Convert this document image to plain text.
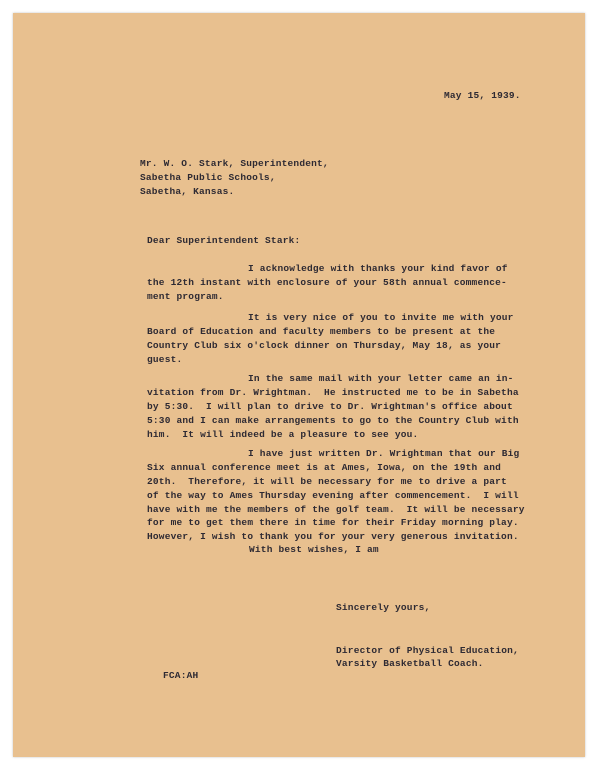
May 15, 1939.
Mr. W. O. Stark, Superintendent,
Sabetha Public Schools,
Sabetha, Kansas.
Dear Superintendent Stark:
I acknowledge with thanks your kind favor of
the 12th instant with enclosure of your 58th annual commence-
ment program.
It is very nice of you to invite me with your
Board of Education and faculty members to be present at the
Country Club six o'clock dinner on Thursday, May 18, as your
guest.
In the same mail with your letter came an in-
vitation from Dr. Wrightman.  He instructed me to be in Sabetha
by 5:30.  I will plan to drive to Dr. Wrightman's office about
5:30 and I can make arrangements to go to the Country Club with
him.  It will indeed be a pleasure to see you.
I have just written Dr. Wrightman that our Big
Six annual conference meet is at Ames, Iowa, on the 19th and
20th.  Therefore, it will be necessary for me to drive a part
of the way to Ames Thursday evening after commencement.  I will
have with me the members of the golf team.  It will be necessary
for me to get them there in time for their Friday morning play.
However, I wish to thank you for your very generous invitation.
With best wishes, I am
Sincerely yours,
Director of Physical Education,
Varsity Basketball Coach.
FCA:AH
